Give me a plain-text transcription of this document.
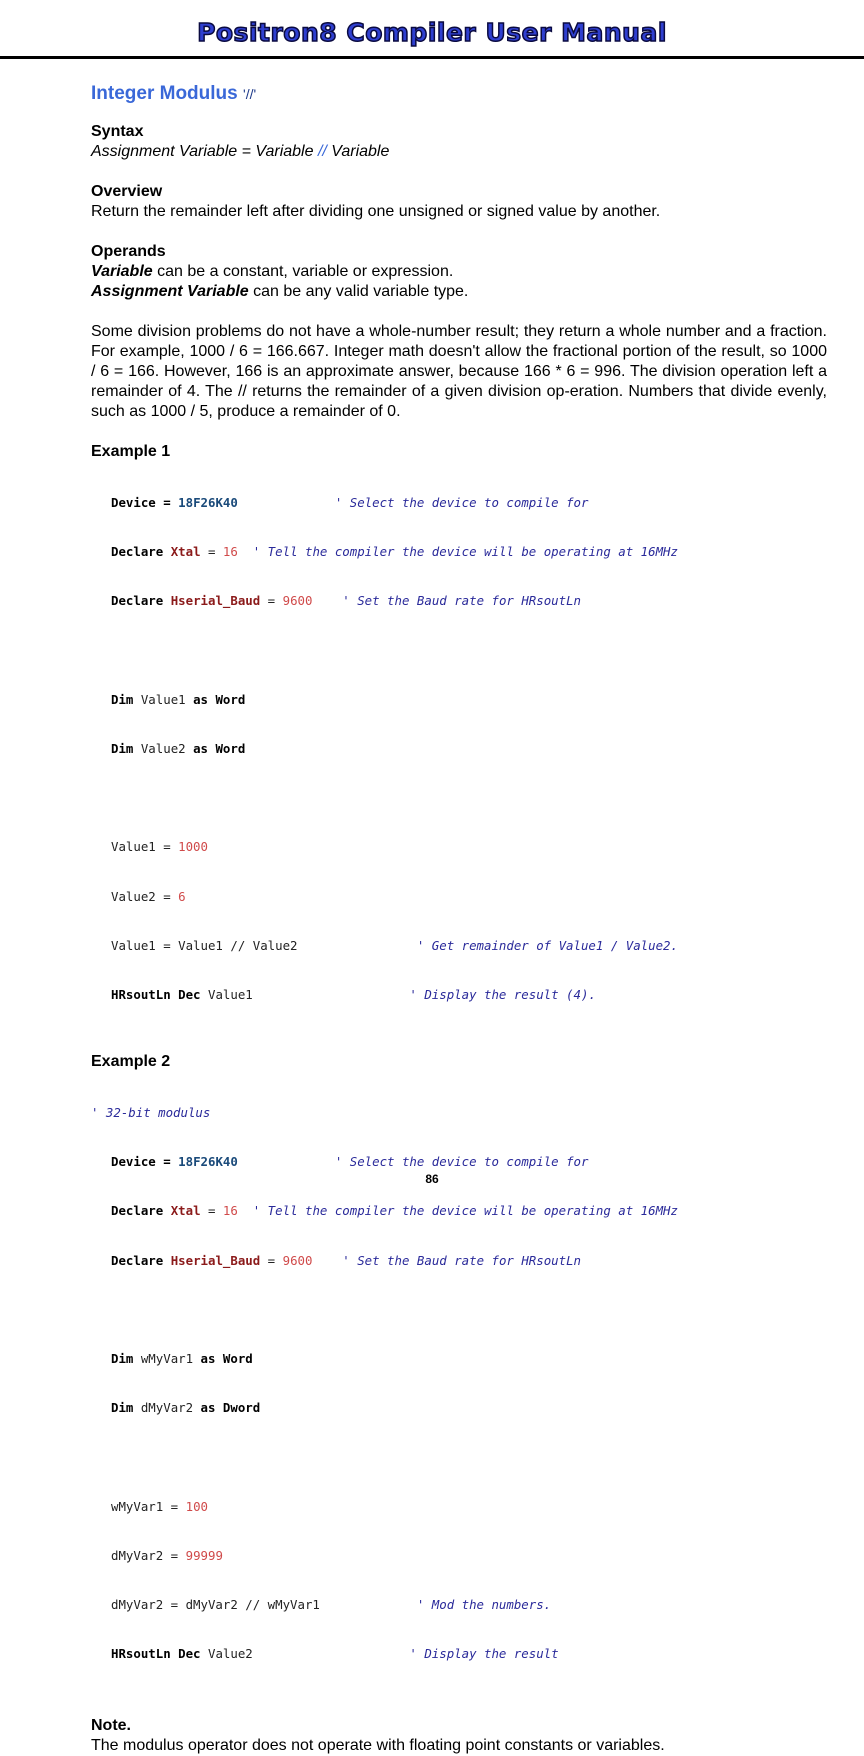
Positron8 Compiler User Manual
Integer Modulus '//'

Syntax

Assignment Variable = Variable // Variable

Overview

Return the remainder left after dividing one unsigned or signed value by another.

Operands

Variable can be a constant, variable or expression.

Assignment Variable can be any valid variable type.

Some division problems do not have a whole-number result; they return a whole number and a fraction. For example, 1000 / 6 = 166.667. Integer math doesn't allow the fractional portion of the result, so 1000 / 6 = 166. However, 166 is an approximate answer, because 166 * 6 = 996. The division operation left a remainder of 4. The // returns the remainder of a given division op-eration. Numbers that divide evenly, such as 1000 / 5, produce a remainder of 0.

Example 1

Device = 18F26K40	' Select the device to compile for

Declare Xtal = 16 ' Tell the compiler the device will be operating at 16MHz

Declare Hserial_Baud = 9600 ' Set the Baud rate for HRsoutLn

Dim Value1 as Word

Dim Value2 as Word

Value1 = 1000

Value2 = 6

Value1 = Value1 // Value2	' Get remainder of Value1 / Value2.

HRsoutLn Dec Value1	' Display the result (4).

Example 2

' 32-bit modulus

Device = 18F26K40	' Select the device to compile for

Declare Xtal = 16 ' Tell the compiler the device will be operating at 16MHz

Declare Hserial_Baud = 9600 ' Set the Baud rate for HRsoutLn

Dim wMyVar1 as Word

Dim dMyVar2 as Dword

wMyVar1 = 100

dMyVar2 = 99999

dMyVar2 = dMyVar2 // wMyVar1	' Mod the numbers.

HRsoutLn Dec Value2	' Display the result

Note.

The modulus operator does not operate with floating point constants or variables.

86
